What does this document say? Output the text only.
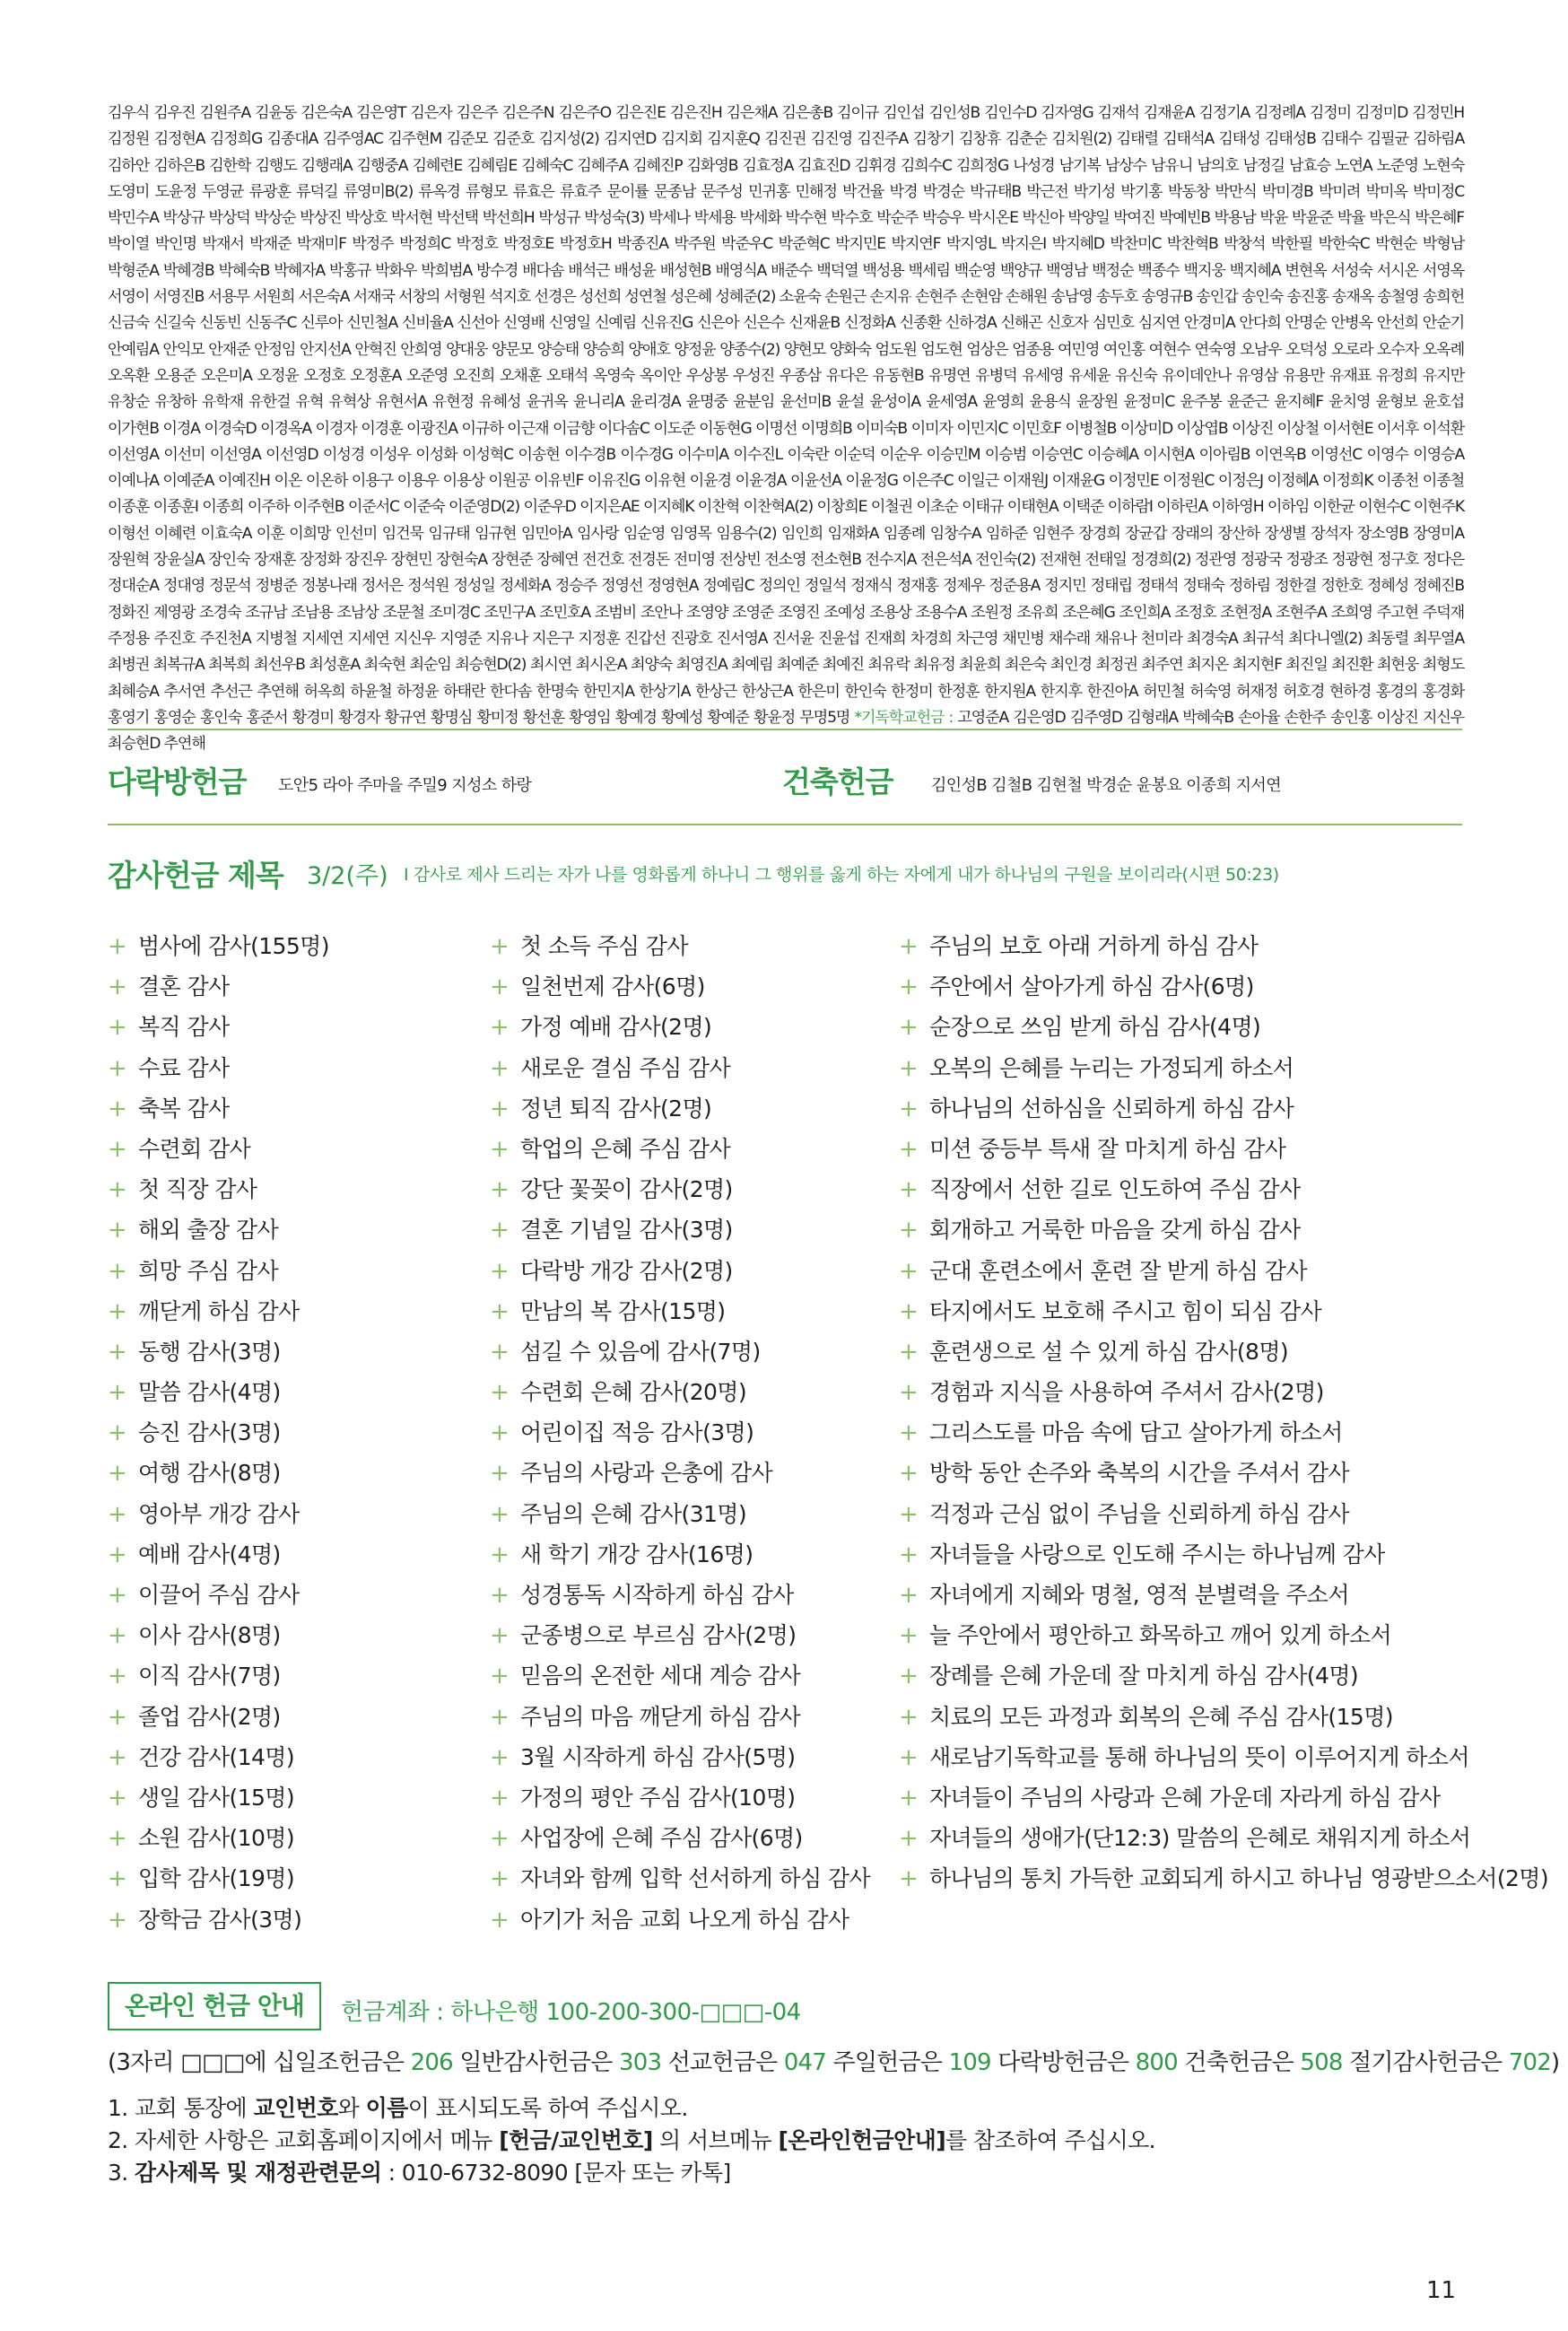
김우식 김우진 김원주A 김윤동 김은숙A 김은영T 김은자 김은주 김은주N 김은주O 김은진E 김은진H 김은채A 김은총B 김이규 김인섭 김인성B 김인수D 김자영G 김재석 김재윤A 김정기A 김정례A 김정미 김정미D 김정민H 김정원 김정현A 김정희G 김종대A 김주영AC 김주현M 김준모 김준호 김지성(2) 김지연D 김지회 김지훈Q 김진권 김진영 김진주A 김창기 김창휴 김춘순 김치원(2) 김태렬 김태석A 김태성 김태성B 김태수 김필균 김하림A 김하안 김하은B 김한학 김행도 김행래A 김행중A 김혜련E 김혜림E 김혜숙C 김혜주A 김혜진P 김화영B 김효정A 김효진D 김휘경 김희수C 김희정G 나성경 남기복 남상수 남유니 남의호 남정길 남효승 노연A 노준영 노현숙 도영미 도윤정 두영균 류광훈 류덕길 류영미B(2) 류옥경 류형모 류효은 류효주 문이률 문종남 문주성 민귀홍 민해정 박건율 박경 박경순 박규태B 박근전 박기성 박기홍 박동창 박만식 박미경B 박미려 박미옥 박미정C 박민수A 박상규 박상덕 박상순 박상진 박상호 박서현 박선택 박선희H 박성규 박성숙(3) 박세나 박세용 박세화 박수현 박수호 박순주 박승우 박시온E 박신아 박양일 박여진 박예빈B 박용남 박윤 박윤준 박율 박은식 박은혜F 박이열 박인명 박재서 박재준 박재미F 박정주 박정희C 박정호 박정호E 박정호H 박종진A 박주원 박준우C 박준혁C 박지민E 박지연F 박지영L 박지은I 박지혜D 박찬미C 박찬혁B 박창석 박한필 박한숙C 박현순 박형남 박형준A 박혜경B 박혜숙B 박혜자A 박홍규 박화우 박희범A 방수경 배다솜 배석근 배성윤 배성현B 배영식A 배준수 백덕열 백성용 백세림 백순영 백양규 백영남 백정순 백종수 백지웅 백지혜A 변현옥 서성숙 서시온 서영옥 서영이 서영진B 서용무 서원희 서은숙A 서재국 서창의 서형원 석지호 선경은 성선희 성연철 성은혜 성혜준(2) 소윤숙 손원근 손지유 손현주 손현암 손해원 송남영 송두호 송영규B 송인갑 송인숙 송진홍 송재옥 송철영 송희헌 신금숙 신길숙 신동빈 신동주C 신루아 신민철A 신비율A 신선아 신영배 신영일 신예림 신유진G 신은아 신은수 신재윤B 신정화A 신종환 신하경A 신해곤 신호자 심민호 심지연 안경미A 안다희 안명순 안병옥 안선희 안순기 안예림A 안익모 안재준 안정임 안지선A 안혁진 안희영 양대웅 양문모 양승태 양승희 양애호 양정윤 양종수(2) 양현모 양화숙 엄도원 엄도현 엄상은 엄종용 여민영 여인홍 여현수 연숙영 오남우 오덕성 오로라 오수자 오옥례 오옥환 오용준 오은미A 오정윤 오정호 오정훈A 오준영 오진희 오채훈 오태석 옥영숙 옥이안 우상봉 우성진 우종삼 유다은 유동현B 유명연 유병덕 유세영 유세윤 유신숙 유이데안나 유영삼 유용만 유재표 유정희 유지만 유창순 유창하 유학재 유한걸 유혁 유혁상 유현서A 유현정 유혜성 윤귀옥 윤니리A 윤리경A 윤명중 윤분임 윤선미B 윤설 윤성이A 윤세영A 윤영희 윤용식 윤장원 윤정미C 윤주봉 윤준근 윤지혜F 윤치영 윤형보 윤호섭 이가현B 이경A 이경숙D 이경옥A 이경자 이경훈 이광진A 이규하 이근재 이금향 이다솜C 이도준 이동현G 이명선 이명희B 이미숙B 이미자 이민지C 이민호F 이병철B 이상미D 이상엽B 이상진 이상철 이서현E 이서후 이석환 이선영A 이선미 이선영A 이선영D 이성경 이성우 이성화 이성혁C 이송현 이수경B 이수경G 이수미A 이수진L 이숙란 이순덕 이순우 이승민M 이승범 이승연C 이승혜A 이시현A 이아림B 이연옥B 이영선C 이영수 이영승A 이예나A 이예준A 이예진H 이온 이온하 이용구 이용우 이용상 이원공 이유빈F 이유진G 이유현 이윤경 이윤경A 이윤선A 이윤정G 이은주C 이일근 이재원J 이재윤G 이정민E 이정원C 이정은J 이정혜A 이정희K 이종천 이종철 이종훈 이종훈I 이종희 이주하 이주현B 이준서C 이준숙 이준영D(2) 이준우D 이지은AE 이지혜K 이찬혁 이찬혁A(2) 이창희E 이철권 이초순 이태규 이태현A 이택준 이하람I 이하린A 이하영H 이하임 이한균 이현수C 이현주K 이형선 이혜련 이효숙A 이훈 이희망 인선미 임건묵 임규태 임규현 임민아A 임사랑 임순영 임영목 임용수(2) 임인희 임재화A 임종례 임창수A 임하준 임현주 장경희 장균갑 장래의 장산하 장생별 장석자 장소영B 장영미A 장원혁 장윤실A 장인숙 장재훈 장정화 장진우 장현민 장현숙A 장현준 장혜연 전건호 전경돈 전미영 전상빈 전소영 전소현B 전수지A 전은석A 전인숙(2) 전재현 전태일 정경희(2) 정관영 정광국 정광조 정광현 정구호 정다은 정대순A 정대영 정문석 정병준 정봉나래 정서은 정석원 정성일 정세화A 정승주 정영선 정영현A 정예림C 정의인 정일석 정재식 정재홍 정제우 정준용A 정지민 정태립 정태석 정태숙 정하림 정한결 정한호 정혜성 정혜진B 정화진 제영광 조경숙 조규남 조남용 조남상 조문철 조미경C 조민구A 조민호A 조범비 조안나 조영양 조영준 조영진 조예성 조용상 조용수A 조원정 조유희 조은혜G 조인희A 조정호 조현정A 조현주A 조희영 주고현 주덕재 주정용 주진호 주진천A 지병철 지세연 지세연 지신우 지영준 지유나 지은구 지정훈 진갑선 진광호 진서영A 진서윤 진윤섭 진재희 차경희 차근영 채민병 채수래 채유나 천미라 최경숙A 최규석 최다니엘(2) 최동렬 최무열A 최병권 최복규A 최복희 최선우B 최성훈A 최숙현 최순임 최승현D(2) 최시연 최시온A 최양숙 최영진A 최예림 최예준 최예진 최유락 최유정 최윤희 최은숙 최인경 최정권 최주연 최지온 최지현F 최진일 최진환 최현웅 최형도 최혜승A 추서연 추선근 추연해 허옥희 하윤철 하정윤 하태란 한다솜 한명숙 한민지A 한상기A 한상근 한상근A 한은미 한인숙 한정미 한정훈 한지원A 한지후 한진아A 허민철 허숙영 허재정 허호경 현하경 홍경의 홍경화 홍영기 홍영순 홍인숙 홍준서 황경미 황경자 황규연 황명심 황미정 황선훈 황영임 황예경 황예성 황예준 황윤정 무명5명 *기독학교헌금 : 고영준A 김은영D 김주영D 김형래A 박혜숙B 손아율 손한주 송인홍 이상진 지신우 최승현D 추연해
다락방헌금 도안5 라아 주마을 주밀9 지성소 하랑	건축헌금 김인성B 김철B 김현철 박경순 윤봉요 이종희 지서연
감사헌금 제목 3/2(주) I 감사로 제사 드리는 자가 나를 영화롭게 하나니 그 행위를 옳게 하는 자에게 내가 하나님의 구원을 보이리라(시편 50:23)
+ 범사에 감사(155명)
+ 결혼 감사
+ 복직 감사
+ 수료 감사
+ 축복 감사
+ 수련회 감사
+ 첫 직장 감사
+ 해외 출장 감사
+ 희망 주심 감사
+ 깨닫게 하심 감사
+ 동행 감사(3명)
+ 말씀 감사(4명)
+ 승진 감사(3명)
+ 여행 감사(8명)
+ 영아부 개강 감사
+ 예배 감사(4명)
+ 이끌어 주심 감사
+ 이사 감사(8명)
+ 이직 감사(7명)
+ 졸업 감사(2명)
+ 건강 감사(14명)
+ 생일 감사(15명)
+ 소원 감사(10명)
+ 입학 감사(19명)
+ 장학금 감사(3명)
+ 첫 소득 주심 감사
+ 일천번제 감사(6명)
+ 가정 예배 감사(2명)
+ 새로운 결심 주심 감사
+ 정년 퇴직 감사(2명)
+ 학업의 은혜 주심 감사
+ 강단 꽃꽂이 감사(2명)
+ 결혼 기념일 감사(3명)
+ 다락방 개강 감사(2명)
+ 만남의 복 감사(15명)
+ 섬길 수 있음에 감사(7명)
+ 수련회 은혜 감사(20명)
+ 어린이집 적응 감사(3명)
+ 주님의 사랑과 은총에 감사
+ 주님의 은혜 감사(31명)
+ 새 학기 개강 감사(16명)
+ 성경통독 시작하게 하심 감사
+ 군종병으로 부르심 감사(2명)
+ 믿음의 온전한 세대 계승 감사
+ 주님의 마음 깨닫게 하심 감사
+ 3월 시작하게 하심 감사(5명)
+ 가정의 평안 주심 감사(10명)
+ 사업장에 은혜 주심 감사(6명)
+ 자녀와 함께 입학 선서하게 하심 감사
+ 아기가 처음 교회 나오게 하심 감사
+ 주님의 보호 아래 거하게 하심 감사
+ 주안에서 살아가게 하심 감사(6명)
+ 순장으로 쓰임 받게 하심 감사(4명)
+ 오복의 은혜를 누리는 가정되게 하소서
+ 하나님의 선하심을 신뢰하게 하심 감사
+ 미션 중등부 특새 잘 마치게 하심 감사
+ 직장에서 선한 길로 인도하여 주심 감사
+ 회개하고 거룩한 마음을 갖게 하심 감사
+ 군대 훈련소에서 훈련 잘 받게 하심 감사
+ 타지에서도 보호해 주시고 힘이 되심 감사
+ 훈련생으로 설 수 있게 하심 감사(8명)
+ 경험과 지식을 사용하여 주셔서 감사(2명)
+ 그리스도를 마음 속에 담고 살아가게 하소서
+ 방학 동안 손주와 축복의 시간을 주셔서 감사
+ 걱정과 근심 없이 주님을 신뢰하게 하심 감사
+ 자녀들을 사랑으로 인도해 주시는 하나님께 감사
+ 자녀에게 지혜와 명철, 영적 분별력을 주소서
+ 늘 주안에서 평안하고 화목하고 깨어 있게 하소서
+ 장례를 은혜 가운데 잘 마치게 하심 감사(4명)
+ 치료의 모든 과정과 회복의 은혜 주심 감사(15명)
+ 새로남기독학교를 통해 하나님의 뜻이 이루어지게 하소서
+ 자녀들이 주님의 사랑과 은혜 가운데 자라게 하심 감사
+ 자녀들의 생애가(단12:3) 말씀의 은혜로 채워지게 하소서
+ 하나님의 통치 가득한 교회되게 하시고 하나님 영광받으소서(2명)
온라인 헌금 안내	헌금계좌 : 하나은행 100-200-300-□□□-04
(3자리 □□□에 십일조헌금은 206 일반감사헌금은 303 선교헌금은 047 주일헌금은 109 다락방헌금은 800 건축헌금은 508 절기감사헌금은 702)
1. 교회 통장에 교인번호와 이름이 표시되도록 하여 주십시오.
2. 자세한 사항은 교회홈페이지에서 메뉴 [헌금/교인번호] 의 서브메뉴 [온라인헌금안내]를 참조하여 주십시오.
3. 감사제목 및 재정관련문의 : 010-6732-8090 [문자 또는 카톡]
11
